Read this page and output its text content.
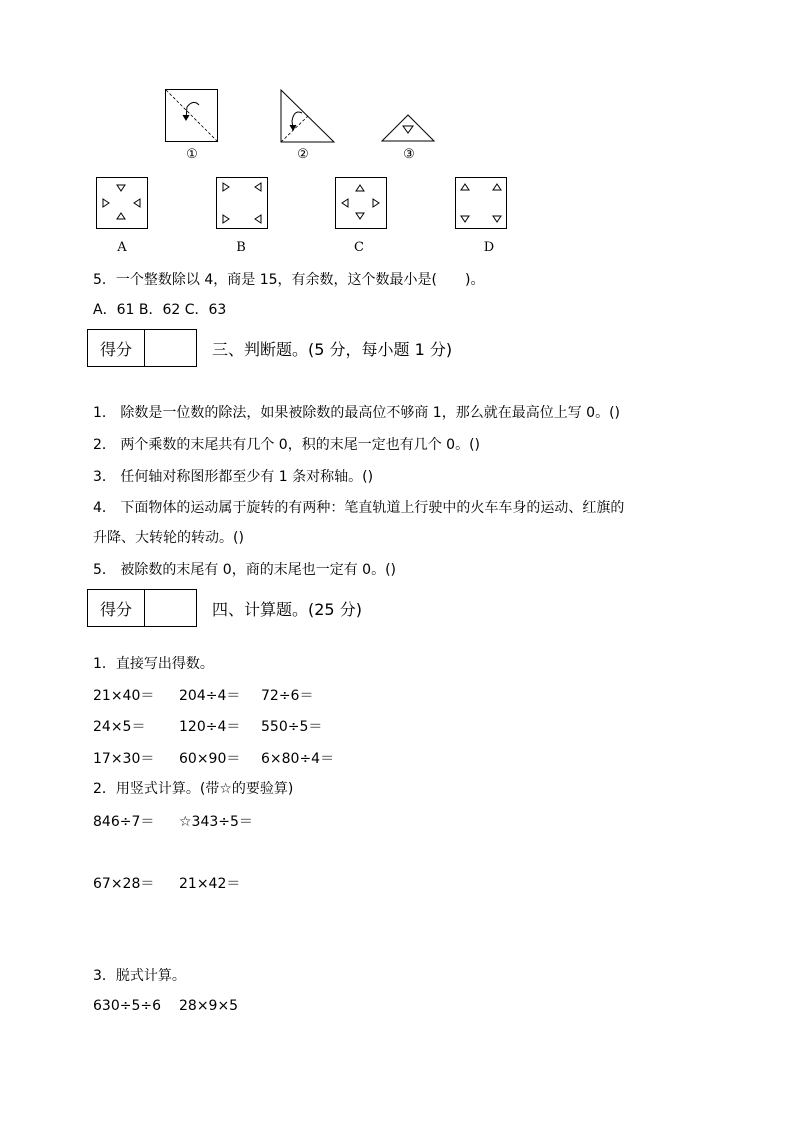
①	②	③
A	B	C	D
5．一个整数除以 4，商是 15，有余数，这个数最小是(　　)。
A．61 B．62 C．63
得分	三、判断题。(5 分，每小题 1 分)
1． 除数是一位数的除法，如果被除数的最高位不够商 1，那么就在最高位上写 0。()
2． 两个乘数的末尾共有几个 0，积的末尾一定也有几个 0。()
3． 任何轴对称图形都至少有 1 条对称轴。()
4． 下面物体的运动属于旋转的有两种：笔直轨道上行驶中的火车车身的运动、红旗的
升降、大转轮的转动。()
5． 被除数的末尾有 0，商的末尾也一定有 0。()
得分	四、计算题。(25 分)
1．直接写出得数。
21×40＝ 204÷4＝ 72÷6＝
24×5＝ 120÷4＝ 550÷5＝
17×30＝ 60×90＝ 6×80÷4＝
2．用竖式计算。(带☆的要验算)
846÷7＝ ☆343÷5＝
67×28＝ 21×42＝
3．脱式计算。
630÷5÷6 28×9×5
